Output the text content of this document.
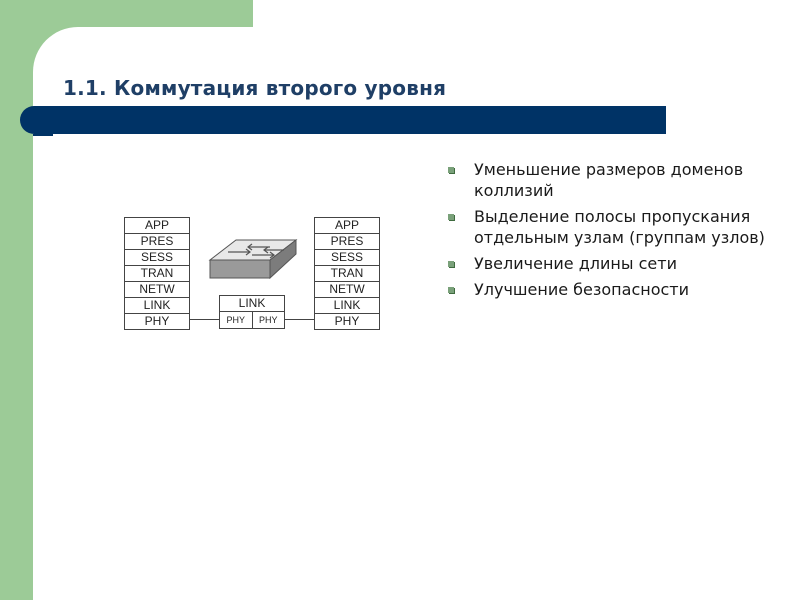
1.1. Коммутация второго уровня
Уменьшение размеров доменов коллизий
Выделение полосы пропускания отдельным узлам (группам узлов)
Увеличение длины сети
Улучшение безопасности
APP
PRES
SESS
TRAN
NETW
LINK
PHY
APP
PRES
SESS
TRAN
NETW
LINK
PHY
LINK
PHY	PHY
